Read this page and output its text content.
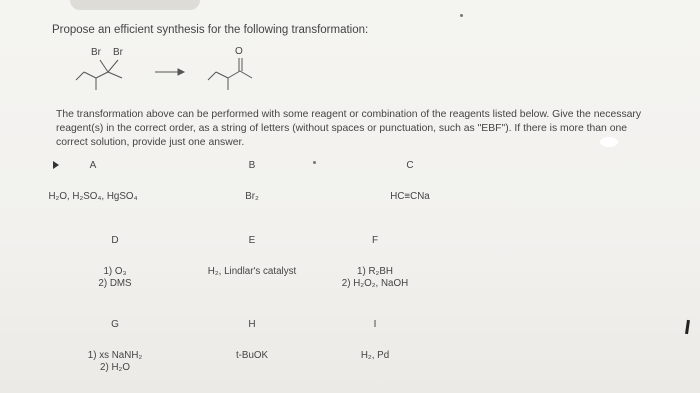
Propose an efficient synthesis for the following transformation:
Br Br	O
The transformation above can be performed with some reagent or combination of the reagents listed below. Give the necessary reagent(s) in the correct order, as a string of letters (without spaces or punctuation, such as "EBF"). If there is more than one correct solution, provide just one answer.
A
H₂O, H₂SO₄, HgSO₄
B
Br₂
C
HC≡CNa
D
1) O₃
2) DMS
E
H₂, Lindlar's catalyst
F
1) R₂BH
2) H₂O₂, NaOH
G
1) xs NaNH₂
2) H₂O
H
t-BuOK
I
H₂, Pd
